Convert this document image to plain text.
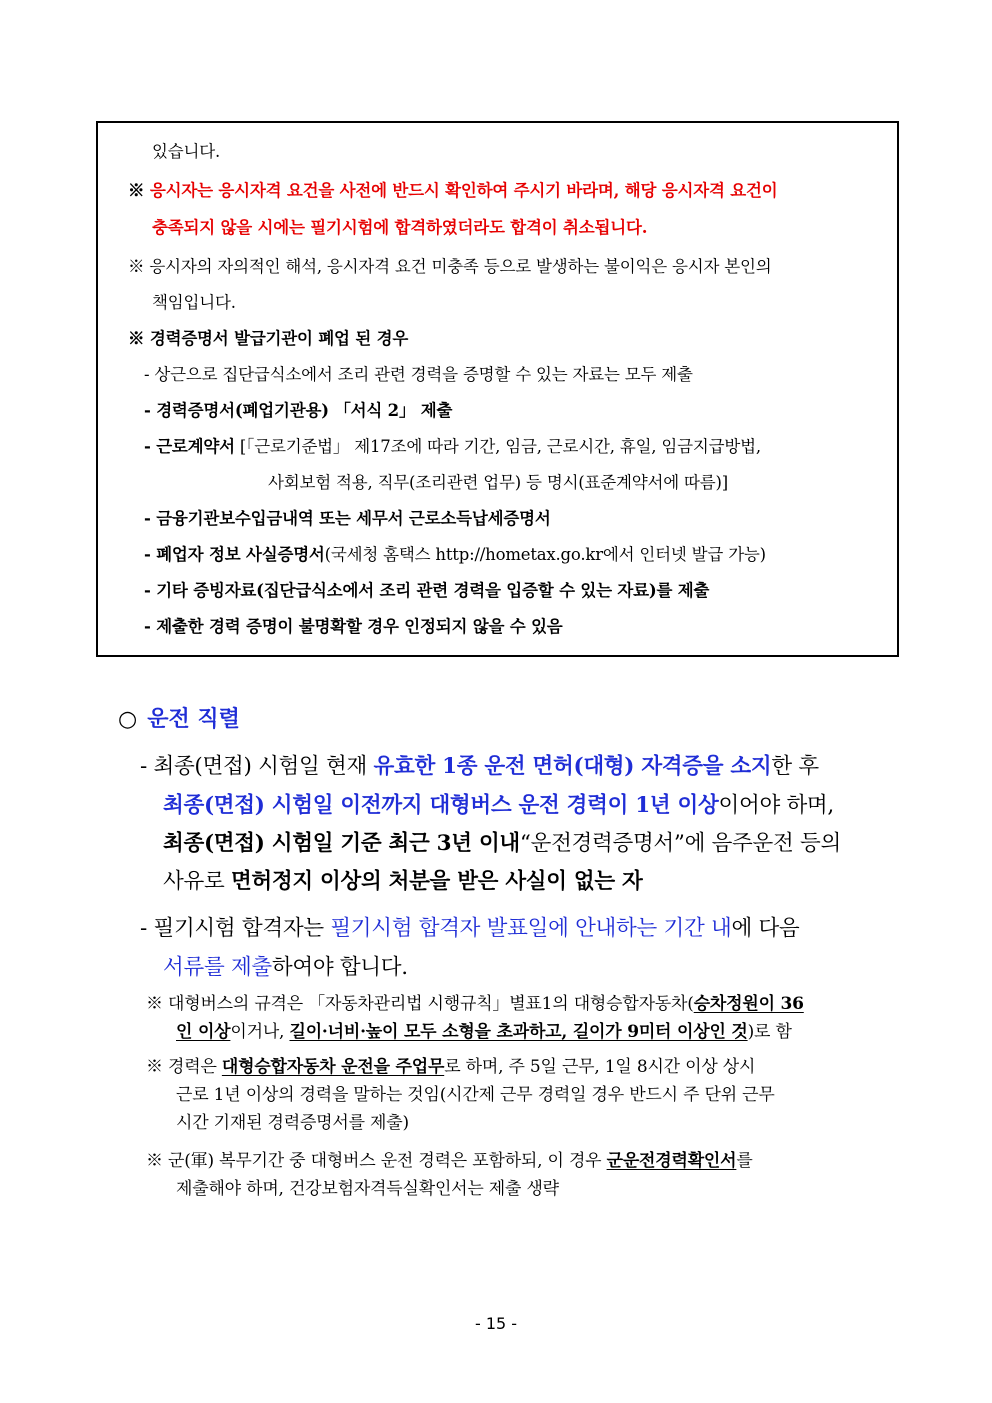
있습니다.
※ 응시자는 응시자격 요건을 사전에 반드시 확인하여 주시기 바라며, 해당 응시자격 요건이
충족되지 않을 시에는 필기시험에 합격하였더라도 합격이 취소됩니다.
※ 응시자의 자의적인 해석, 응시자격 요건 미충족 등으로 발생하는 불이익은 응시자 본인의
책임입니다.
※ 경력증명서 발급기관이 폐업 된 경우
- 상근으로 집단급식소에서 조리 관련 경력을 증명할 수 있는 자료는 모두 제출
- 경력증명서(폐업기관용) 「서식 2」 제출
- 근로계약서 [「근로기준법」 제17조에 따라 기간, 임금, 근로시간, 휴일, 임금지급방법,
사회보험 적용, 직무(조리관련 업무) 등 명시(표준계약서에 따름)]
- 금융기관보수입금내역 또는 세무서 근로소득납세증명서
- 폐업자 정보 사실증명서(국세청 홈택스 http://hometax.go.kr에서 인터넷 발급 가능)
- 기타 증빙자료(집단급식소에서 조리 관련 경력을 입증할 수 있는 자료)를 제출
- 제출한 경력 증명이 불명확할 경우 인정되지 않을 수 있음
○ 운전 직렬
- 최종(면접) 시험일 현재 유효한 1종 운전 면허(대형) 자격증을 소지한 후
최종(면접) 시험일 이전까지 대형버스 운전 경력이 1년 이상이어야 하며,
최종(면접) 시험일 기준 최근 3년 이내“운전경력증명서”에 음주운전 등의
사유로 면허정지 이상의 처분을 받은 사실이 없는 자
- 필기시험 합격자는 필기시험 합격자 발표일에 안내하는 기간 내에 다음
서류를 제출하여야 합니다.
※ 대형버스의 규격은 「자동차관리법 시행규칙」별표1의 대형승합자동차(승차정원이 36
인 이상이거나, 길이·너비·높이 모두 소형을 초과하고, 길이가 9미터 이상인 것)로 함
※ 경력은 대형승합자동차 운전을 주업무로 하며, 주 5일 근무, 1일 8시간 이상 상시
근로 1년 이상의 경력을 말하는 것임(시간제 근무 경력일 경우 반드시 주 단위 근무
시간 기재된 경력증명서를 제출)
※ 군(軍) 복무기간 중 대형버스 운전 경력은 포함하되, 이 경우 군운전경력확인서를
제출해야 하며, 건강보험자격득실확인서는 제출 생략
- 15 -
